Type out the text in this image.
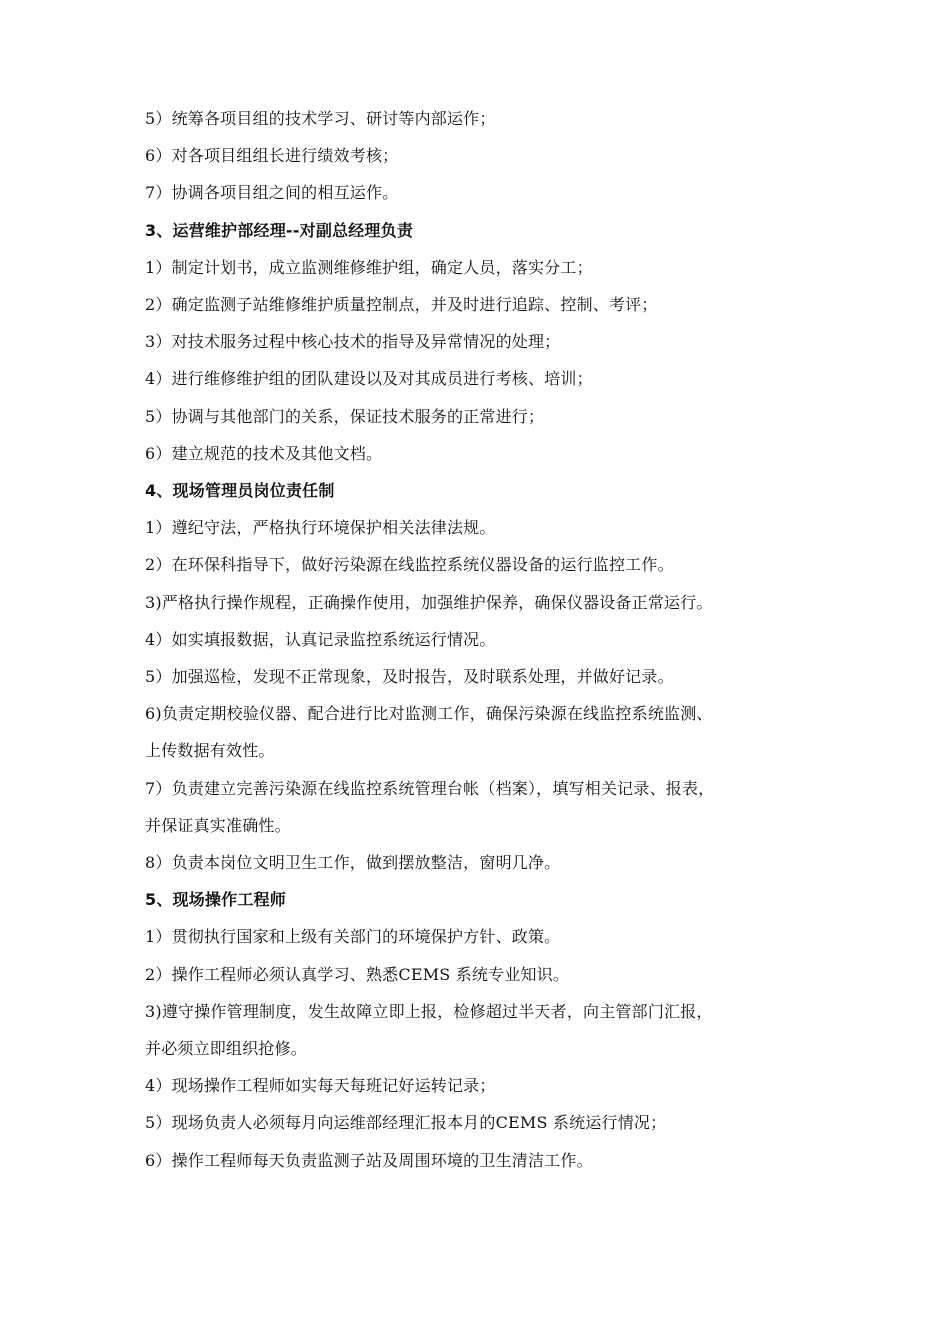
5）统筹各项目组的技术学习、研讨等内部运作；
6）对各项目组组长进行绩效考核；
7）协调各项目组之间的相互运作。
3、运营维护部经理--对副总经理负责
1）制定计划书，成立监测维修维护组，确定人员，落实分工；
2）确定监测子站维修维护质量控制点，并及时进行追踪、控制、考评；
3）对技术服务过程中核心技术的指导及异常情况的处理；
4）进行维修维护组的团队建设以及对其成员进行考核、培训；
5）协调与其他部门的关系，保证技术服务的正常进行；
6）建立规范的技术及其他文档。
4、现场管理员岗位责任制
1）遵纪守法，严格执行环境保护相关法律法规。
2）在环保科指导下，做好污染源在线监控系统仪器设备的运行监控工作。
3)严格执行操作规程，正确操作使用，加强维护保养，确保仪器设备正常运行。
4）如实填报数据，认真记录监控系统运行情况。
5）加强巡检，发现不正常现象，及时报告，及时联系处理，并做好记录。
6)负责定期校验仪器、配合进行比对监测工作，确保污染源在线监控系统监测、
上传数据有效性。
7）负责建立完善污染源在线监控系统管理台帐（档案），填写相关记录、报表，
并保证真实准确性。
8）负责本岗位文明卫生工作，做到摆放整洁，窗明几净。
5、现场操作工程师
1）贯彻执行国家和上级有关部门的环境保护方针、政策。
2）操作工程师必须认真学习、熟悉CEMS 系统专业知识。
3)遵守操作管理制度，发生故障立即上报，检修超过半天者，向主管部门汇报，
并必须立即组织抢修。
4）现场操作工程师如实每天每班记好运转记录；
5）现场负责人必须每月向运维部经理汇报本月的CEMS 系统运行情况；
6）操作工程师每天负责监测子站及周围环境的卫生清洁工作。
